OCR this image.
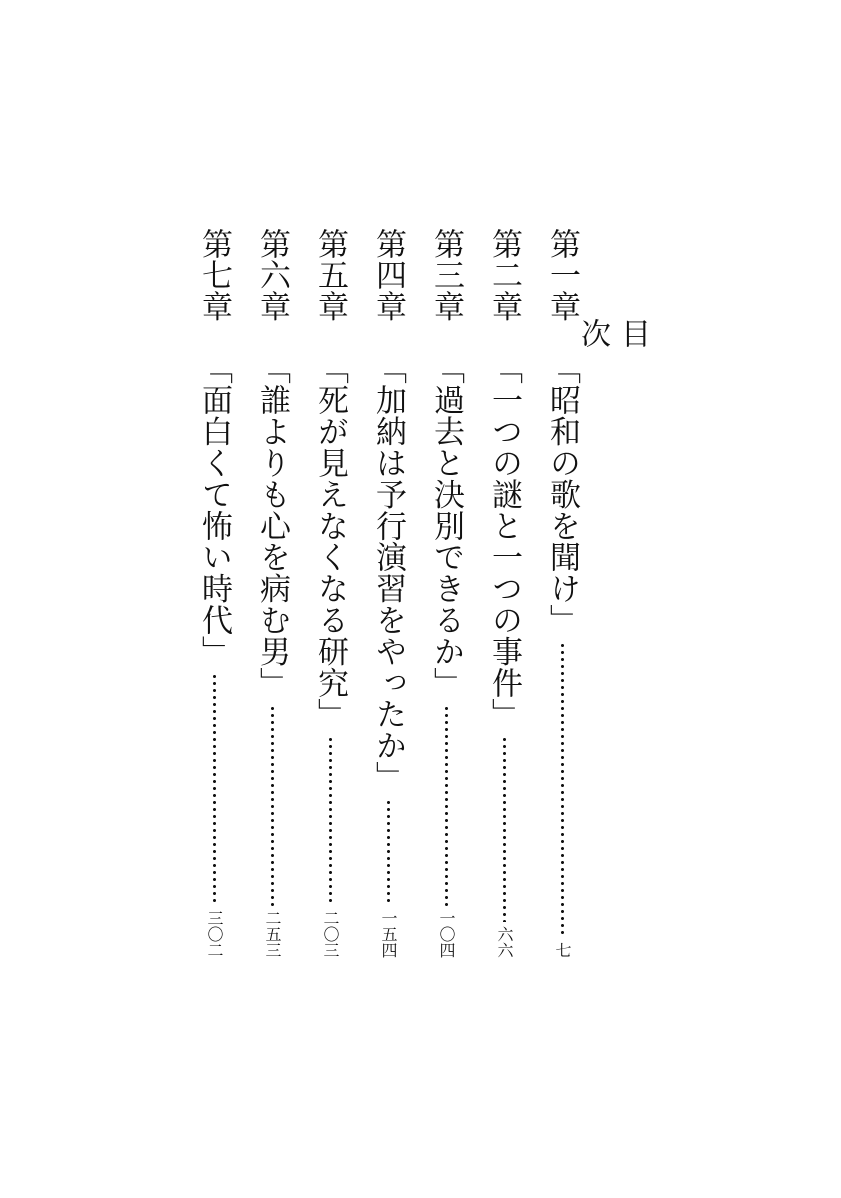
目　次
第一章
「昭和の歌を聞け」
七
第二章
「一つの謎と一つの事件」
六六
第三章
「過去と決別できるか」
一〇四
第四章
「加納は予行演習をやったか」
一五四
第五章
「死が見えなくなる研究」
二〇三
第六章
「誰よりも心を病む男」
二五三
第七章
「面白くて怖い時代」
三〇二
